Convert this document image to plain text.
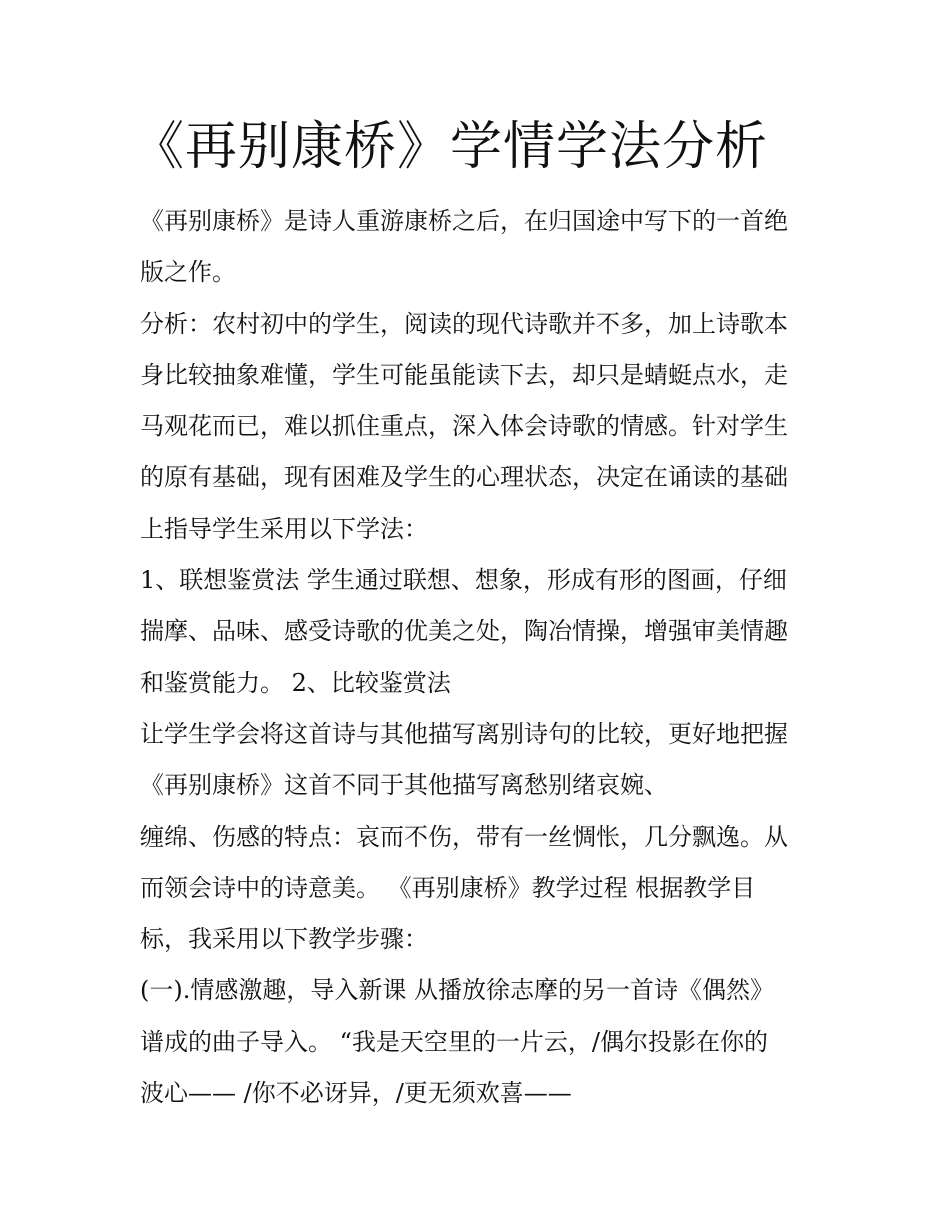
《再别康桥》学情学法分析
《再别康桥》是诗人重游康桥之后，在归国途中写下的一首绝
版之作。
分析：农村初中的学生，阅读的现代诗歌并不多，加上诗歌本
身比较抽象难懂，学生可能虽能读下去，却只是蜻蜓点水，走
马观花而已，难以抓住重点，深入体会诗歌的情感。针对学生
的原有基础，现有困难及学生的心理状态，决定在诵读的基础
上指导学生采用以下学法：
1、联想鉴赏法 学生通过联想、想象，形成有形的图画，仔细
揣摩、品味、感受诗歌的优美之处，陶冶情操，增强审美情趣
和鉴赏能力。 2、比较鉴赏法
让学生学会将这首诗与其他描写离别诗句的比较，更好地把握
《再别康桥》这首不同于其他描写离愁别绪哀婉、
缠绵、伤感的特点：哀而不伤，带有一丝惆怅，几分飘逸。从
而领会诗中的诗意美。 《再别康桥》教学过程 根据教学目
标，我采用以下教学步骤：
(一).情感激趣，导入新课 从播放徐志摩的另一首诗《偶然》
谱成的曲子导入。 “我是天空里的一片云，/偶尔投影在你的
波心—— /你不必讶异，/更无须欢喜——
